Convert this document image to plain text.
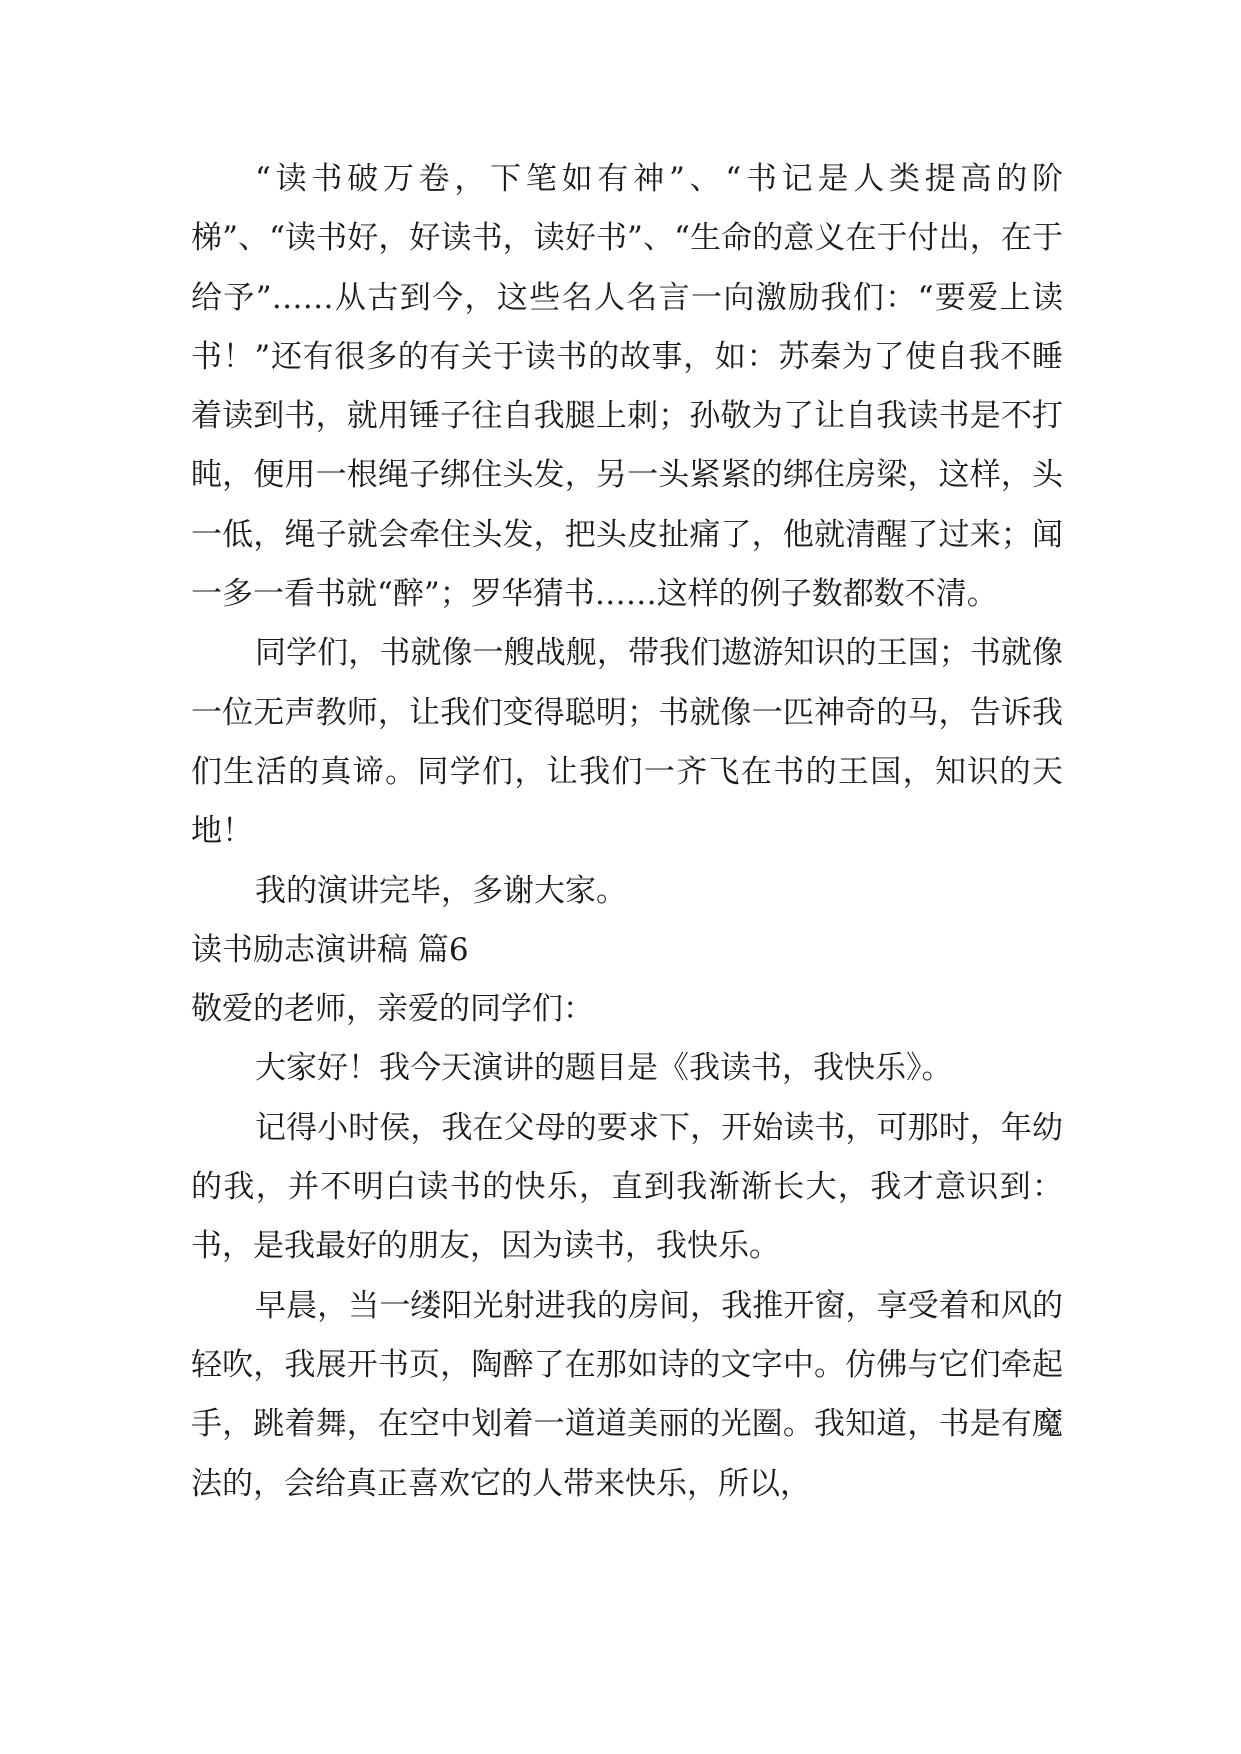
“读书破万卷，下笔如有神”、“书记是人类提高的阶梯”、“读书好，好读书，读好书”、“生命的意义在于付出，在于给予”……从古到今，这些名人名言一向激励我们：“要爱上读书！”还有很多的有关于读书的故事，如：苏秦为了使自我不睡着读到书，就用锤子往自我腿上刺；孙敬为了让自我读书是不打盹，便用一根绳子绑住头发，另一头紧紧的绑住房梁，这样，头一低，绳子就会牵住头发，把头皮扯痛了，他就清醒了过来；闻一多一看书就“醉”；罗华猜书……这样的例子数都数不清。

同学们，书就像一艘战舰，带我们遨游知识的王国；书就像一位无声教师，让我们变得聪明；书就像一匹神奇的马，告诉我们生活的真谛。同学们，让我们一齐飞在书的王国，知识的天地！

我的演讲完毕，多谢大家。

读书励志演讲稿 篇6

敬爱的老师，亲爱的同学们：

大家好！我今天演讲的题目是《我读书，我快乐》。

记得小时侯，我在父母的要求下，开始读书，可那时，年幼的我，并不明白读书的快乐，直到我渐渐长大，我才意识到：书，是我最好的朋友，因为读书，我快乐。

早晨，当一缕阳光射进我的房间，我推开窗，享受着和风的轻吹，我展开书页，陶醉了在那如诗的文字中。仿佛与它们牵起手，跳着舞，在空中划着一道道美丽的光圈。我知道，书是有魔法的，会给真正喜欢它的人带来快乐，所以，
